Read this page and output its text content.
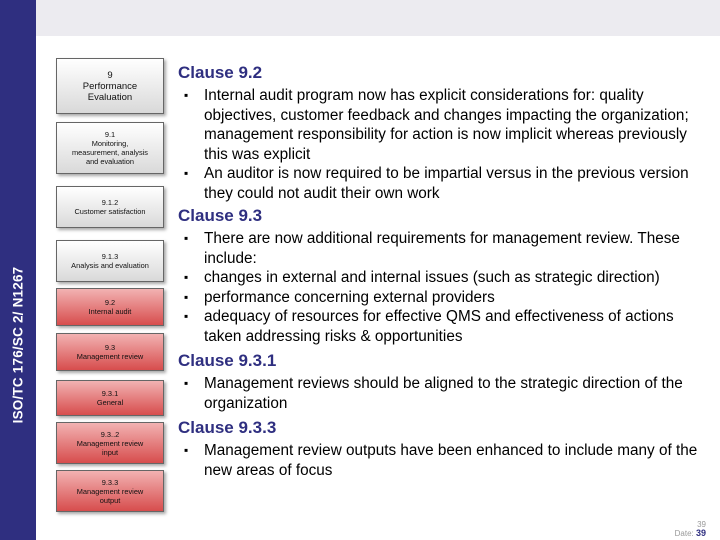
ISO/TC 176/SC 2/ N1267
9
Performance
Evaluation
9.1
Monitoring,
measurement, analysis
and evaluation
9.1.2
Customer satisfaction
9.1.3
Analysis and evaluation
9.2
Internal audit
9.3
Management review
9.3.1
General
9.3..2
Management review
input
9.3.3
Management review
output
Clause 9.2
▪ Internal audit program now has explicit considerations for: quality objectives, customer feedback and changes impacting the organization; management responsibility for action is now implicit whereas previously this was explicit
▪ An auditor is now required to be impartial versus in the previous version they could not audit their own work
Clause 9.3
▪ There are now additional requirements for management review. These include:
▪ changes in external and internal issues (such as strategic direction)
▪ performance concerning external providers
▪ adequacy of resources for effective QMS and effectiveness of actions taken addressing risks & opportunities
Clause 9.3.1
▪ Management reviews should be aligned to the strategic direction of the organization
Clause 9.3.3
▪ Management review outputs have been enhanced to include many of the new areas of focus
39
Date: 39
